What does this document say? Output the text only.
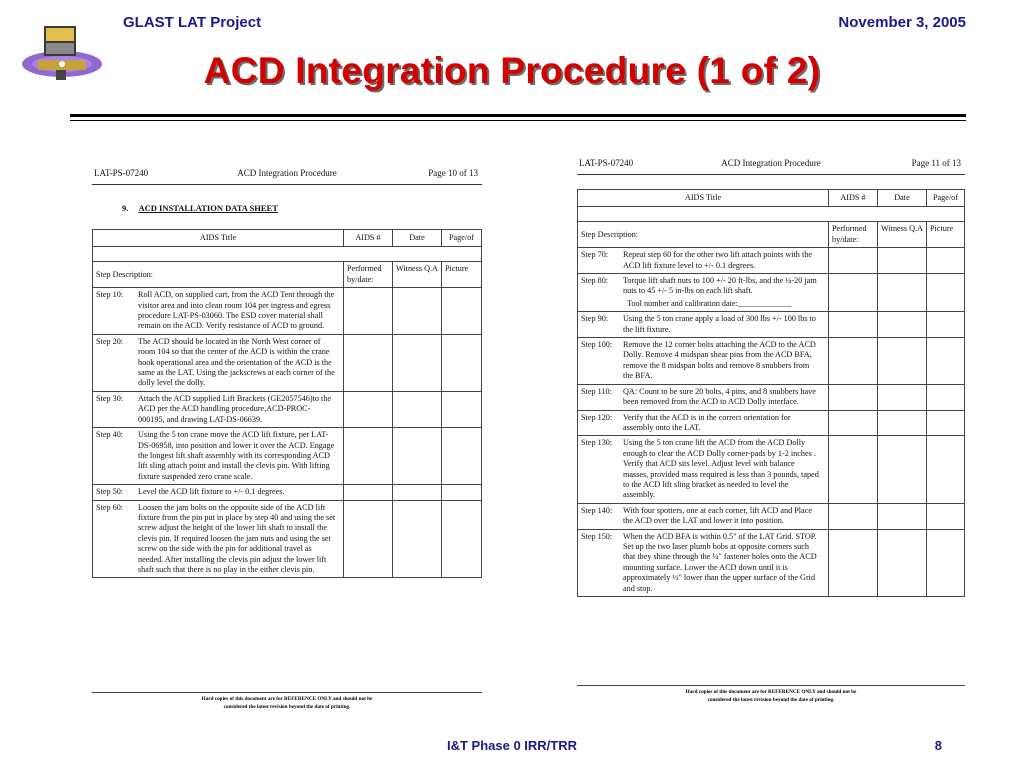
GLAST LAT Project	November 3, 2005
ACD Integration Procedure (1 of 2)
LAT-PS-07240	ACD Integration Procedure	Page 10 of 13
9. ACD INSTALLATION DATA SHEET
AIDS Title	AIDS #	Date	Page/of

Step Description:	Performed by/date:	Witness Q.A	Picture
Step 10: Roll ACD, on supplied cart, from the ACD Tent through the visitor area and into clean room 104 per ingress and egress procedure LAT-PS-03060. The ESD cover material shall remain on the ACD. Verify resistance of ACD to ground.			
Step 20: The ACD should be located in the North West corner of room 104 so that the center of the ACD is within the crane hook operational area and the orientation of the ACD is the same as the LAT. Using the jackscrews at each corner of the dolly level the dolly.			
Step 30: Attach the ACD supplied Lift Brackets (GE2057546)to the ACD per the ACD handling procedure,ACD-PROC-000195, and drawing LAT-DS-06639.			
Step 40: Using the 5 ton crane move the ACD lift fixture, per LAT-DS-06958, into position and lower it over the ACD. Engage the longest lift shaft assembly with its corresponding ACD lift sling attach point and install the clevis pin. With lifting fixture suspended zero crane scale.			
Step 50: Level the ACD lift fixture to +/- 0.1 degrees.			
Step 60: Loosen the jam bolts on the opposite side of the ACD lift fixture from the pin put in place by step 40 and using the set screw adjust the height of the lower lift shaft to install the clevis pin. If required loosen the jam nuts and using the set screw on the side with the pin for additional travel as needed. After installing the clevis pin adjust the lower lift shaft such that there is no play in the either clevis pin.			
Hard copies of this document are for REFERENCE ONLY and should not be
considered the latest revision beyond the date of printing.
LAT-PS-07240	ACD Integration Procedure	Page 11 of 13
AIDS Title	AIDS #	Date	Page/of

Step Description:	Performed by/date:	Witness Q.A	Picture
Step 70: Repeat step 60 for the other two lift attach points with the ACD lift fixture level to +/- 0.1 degrees.			
Step 80: Torque lift shaft nuts to 100 +/- 20 ft-lbs, and the ¼-20 jam nuts to 45 +/- 5 in-lbs on each lift shaft.
Tool number and calibration date:_____________			

Step 90: Using the 5 ton crane apply a load of 300 lbs +/- 100 lbs to the lift fixture.			
Step 100: Remove the 12 corner bolts attaching the ACD to the ACD Dolly. Remove 4 midspan shear pins from the ACD BFA, remove the 8 midspan bolts and remove 8 snubbers from the BFA.			
Step 110: QA: Count to be sure 20 bolts, 4 pins, and 8 snubbers have been removed from the ACD to ACD Dolly interface.			
Step 120: Verify that the ACD is in the correct orientation for assembly onto the LAT.			
Step 130: Using the 5 ton crane lift the ACD from the ACD Dolly enough to clear the ACD Dolly corner-pads by 1-2 inches . Verify that ACD sits level. Adjust level with balance masses, provided mass required is less than 3 pounds, taped to the ACD lift sling bracket as needed to level the assembly.			
Step 140: With four spotters, one at each corner, lift ACD and Place the ACD over the LAT and lower it into position.			
Step 150: When the ACD BFA is within 0.5" of the LAT Grid. STOP. Set up the two laser plumb bobs at opposite corners such that they shine through the ¼" fastener holes onto the ACD mounting surface. Lower the ACD down until it is approximately ½" lower than the upper surface of the Grid and stop.			
Hard copies of this document are for REFERENCE ONLY and should not be
considered the latest revision beyond the date of printing.
I&T Phase 0 IRR/TRR	8
